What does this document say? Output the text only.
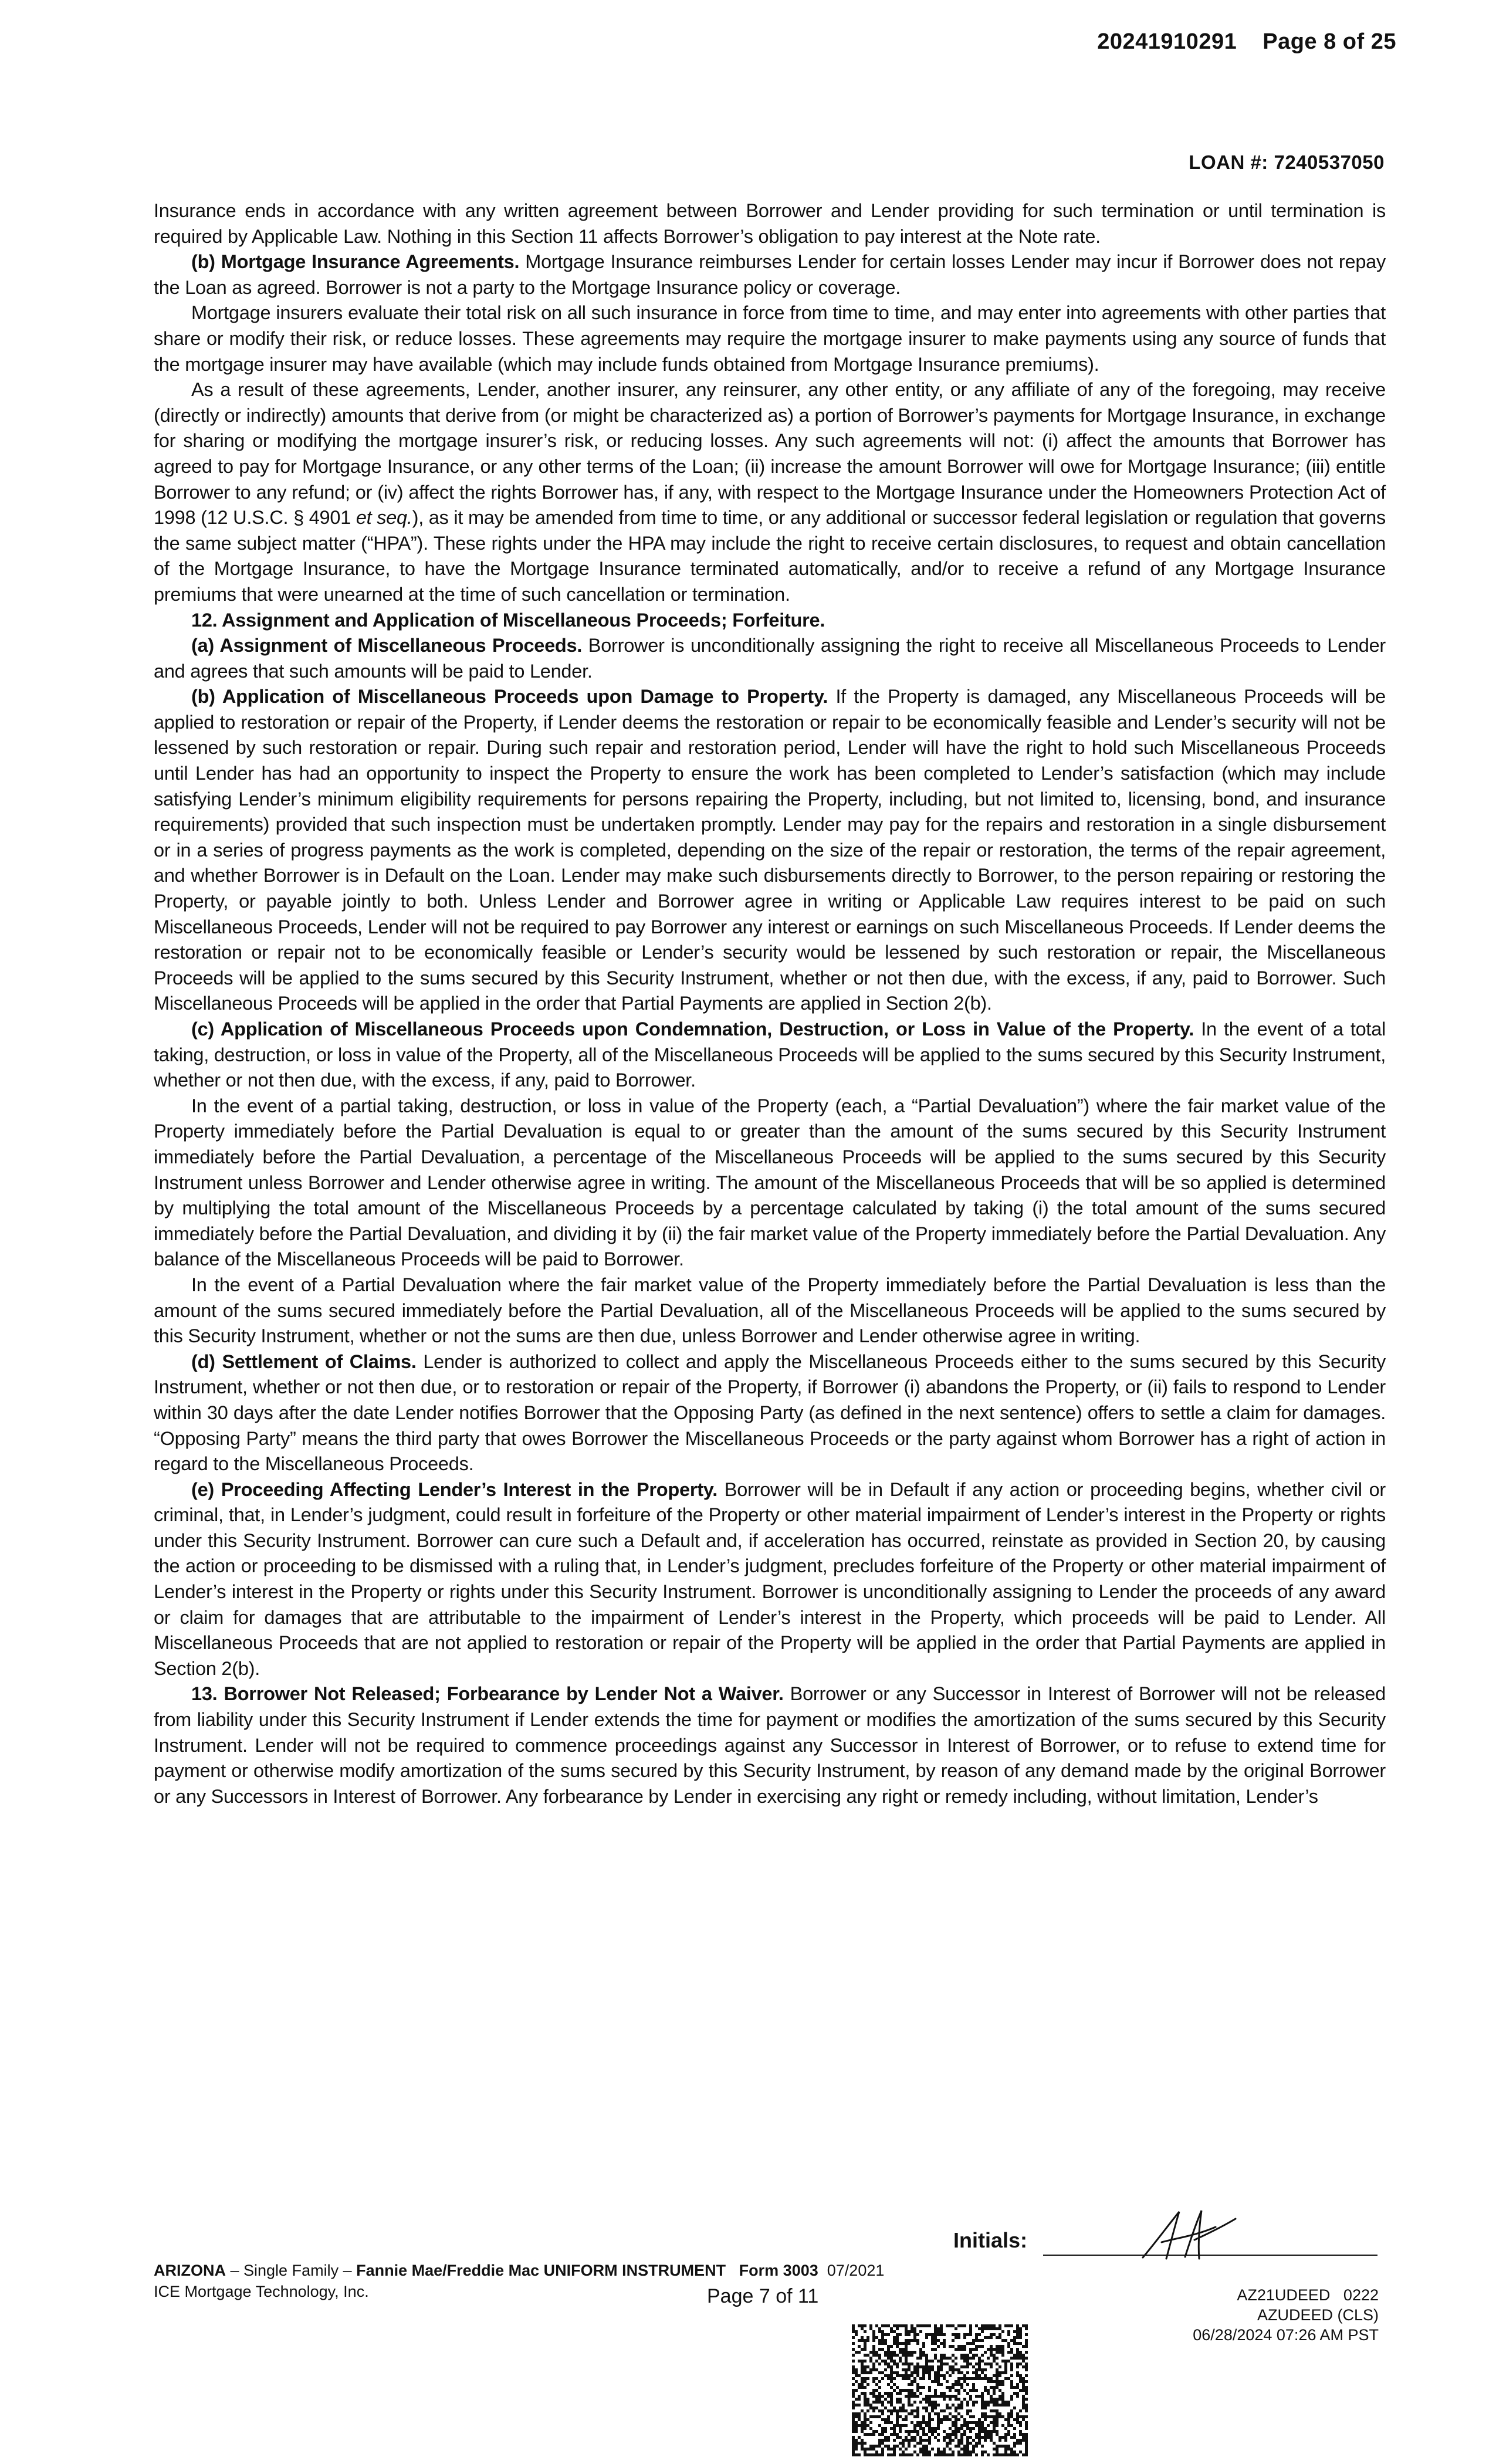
20241910291 Page 8 of 25
LOAN #: 7240537050

Insurance ends in accordance with any written agreement between Borrower and Lender providing for such termination or until termination is required by Applicable Law. Nothing in this Section 11 affects Borrower’s obligation to pay interest at the Note rate.

(b) Mortgage Insurance Agreements. Mortgage Insurance reimburses Lender for certain losses Lender may incur if Borrower does not repay the Loan as agreed. Borrower is not a party to the Mortgage Insurance policy or coverage.

Mortgage insurers evaluate their total risk on all such insurance in force from time to time, and may enter into agreements with other parties that share or modify their risk, or reduce losses. These agreements may require the mortgage insurer to make payments using any source of funds that the mortgage insurer may have available (which may include funds obtained from Mortgage Insurance premiums).

As a result of these agreements, Lender, another insurer, any reinsurer, any other entity, or any affiliate of any of the foregoing, may receive (directly or indirectly) amounts that derive from (or might be characterized as) a portion of Borrower’s payments for Mortgage Insurance, in exchange for sharing or modifying the mortgage insurer’s risk, or reducing losses. Any such agreements will not: (i) affect the amounts that Borrower has agreed to pay for Mortgage Insurance, or any other terms of the Loan; (ii) increase the amount Borrower will owe for Mortgage Insurance; (iii) entitle Borrower to any refund; or (iv) affect the rights Borrower has, if any, with respect to the Mortgage Insurance under the Homeowners Protection Act of 1998 (12 U.S.C. § 4901 et seq.), as it may be amended from time to time, or any additional or successor federal legislation or regulation that governs the same subject matter (“HPA”). These rights under the HPA may include the right to receive certain disclosures, to request and obtain cancellation of the Mortgage Insurance, to have the Mortgage Insurance terminated automatically, and/or to receive a refund of any Mortgage Insurance premiums that were unearned at the time of such cancellation or termination.

12. Assignment and Application of Miscellaneous Proceeds; Forfeiture.

(a) Assignment of Miscellaneous Proceeds. Borrower is unconditionally assigning the right to receive all Miscellaneous Proceeds to Lender and agrees that such amounts will be paid to Lender.

(b) Application of Miscellaneous Proceeds upon Damage to Property. If the Property is damaged, any Miscellaneous Proceeds will be applied to restoration or repair of the Property, if Lender deems the restoration or repair to be economically feasible and Lender’s security will not be lessened by such restoration or repair. During such repair and restoration period, Lender will have the right to hold such Miscellaneous Proceeds until Lender has had an opportunity to inspect the Property to ensure the work has been completed to Lender’s satisfaction (which may include satisfying Lender’s minimum eligibility requirements for persons repairing the Property, including, but not limited to, licensing, bond, and insurance requirements) provided that such inspection must be undertaken promptly. Lender may pay for the repairs and restoration in a single disbursement or in a series of progress payments as the work is completed, depending on the size of the repair or restoration, the terms of the repair agreement, and whether Borrower is in Default on the Loan. Lender may make such disbursements directly to Borrower, to the person repairing or restoring the Property, or payable jointly to both. Unless Lender and Borrower agree in writing or Applicable Law requires interest to be paid on such Miscellaneous Proceeds, Lender will not be required to pay Borrower any interest or earnings on such Miscellaneous Proceeds. If Lender deems the restoration or repair not to be economically feasible or Lender’s security would be lessened by such restoration or repair, the Miscellaneous Proceeds will be applied to the sums secured by this Security Instrument, whether or not then due, with the excess, if any, paid to Borrower. Such Miscellaneous Proceeds will be applied in the order that Partial Payments are applied in Section 2(b).

(c) Application of Miscellaneous Proceeds upon Condemnation, Destruction, or Loss in Value of the Property. In the event of a total taking, destruction, or loss in value of the Property, all of the Miscellaneous Proceeds will be applied to the sums secured by this Security Instrument, whether or not then due, with the excess, if any, paid to Borrower.

In the event of a partial taking, destruction, or loss in value of the Property (each, a “Partial Devaluation”) where the fair market value of the Property immediately before the Partial Devaluation is equal to or greater than the amount of the sums secured by this Security Instrument immediately before the Partial Devaluation, a percentage of the Miscellaneous Proceeds will be applied to the sums secured by this Security Instrument unless Borrower and Lender otherwise agree in writing. The amount of the Miscellaneous Proceeds that will be so applied is determined by multiplying the total amount of the Miscellaneous Proceeds by a percentage calculated by taking (i) the total amount of the sums secured immediately before the Partial Devaluation, and dividing it by (ii) the fair market value of the Property immediately before the Partial Devaluation. Any balance of the Miscellaneous Proceeds will be paid to Borrower.

In the event of a Partial Devaluation where the fair market value of the Property immediately before the Partial Devaluation is less than the amount of the sums secured immediately before the Partial Devaluation, all of the Miscellaneous Proceeds will be applied to the sums secured by this Security Instrument, whether or not the sums are then due, unless Borrower and Lender otherwise agree in writing.

(d) Settlement of Claims. Lender is authorized to collect and apply the Miscellaneous Proceeds either to the sums secured by this Security Instrument, whether or not then due, or to restoration or repair of the Property, if Borrower (i) abandons the Property, or (ii) fails to respond to Lender within 30 days after the date Lender notifies Borrower that the Opposing Party (as defined in the next sentence) offers to settle a claim for damages. “Opposing Party” means the third party that owes Borrower the Miscellaneous Proceeds or the party against whom Borrower has a right of action in regard to the Miscellaneous Proceeds.

(e) Proceeding Affecting Lender’s Interest in the Property. Borrower will be in Default if any action or proceeding begins, whether civil or criminal, that, in Lender’s judgment, could result in forfeiture of the Property or other material impairment of Lender’s interest in the Property or rights under this Security Instrument. Borrower can cure such a Default and, if acceleration has occurred, reinstate as provided in Section 20, by causing the action or proceeding to be dismissed with a ruling that, in Lender’s judgment, precludes forfeiture of the Property or other material impairment of Lender’s interest in the Property or rights under this Security Instrument. Borrower is unconditionally assigning to Lender the proceeds of any award or claim for damages that are attributable to the impairment of Lender’s interest in the Property, which proceeds will be paid to Lender. All Miscellaneous Proceeds that are not applied to restoration or repair of the Property will be applied in the order that Partial Payments are applied in Section 2(b).

13. Borrower Not Released; Forbearance by Lender Not a Waiver. Borrower or any Successor in Interest of Borrower will not be released from liability under this Security Instrument if Lender extends the time for payment or modifies the amortization of the sums secured by this Security Instrument. Lender will not be required to commence proceedings against any Successor in Interest of Borrower, or to refuse to extend time for payment or otherwise modify amortization of the sums secured by this Security Instrument, by reason of any demand made by the original Borrower or any Successors in Interest of Borrower. Any forbearance by Lender in exercising any right or remedy including, without limitation, Lender’s

Initials:
ARIZONA – Single Family – Fannie Mae/Freddie Mac UNIFORM INSTRUMENT Form 3003 07/2021
ICE Mortgage Technology, Inc.	Page 7 of 11	AZ21UDEED   0222
AZUDEED (CLS)
06/28/2024 07:26 AM PST
